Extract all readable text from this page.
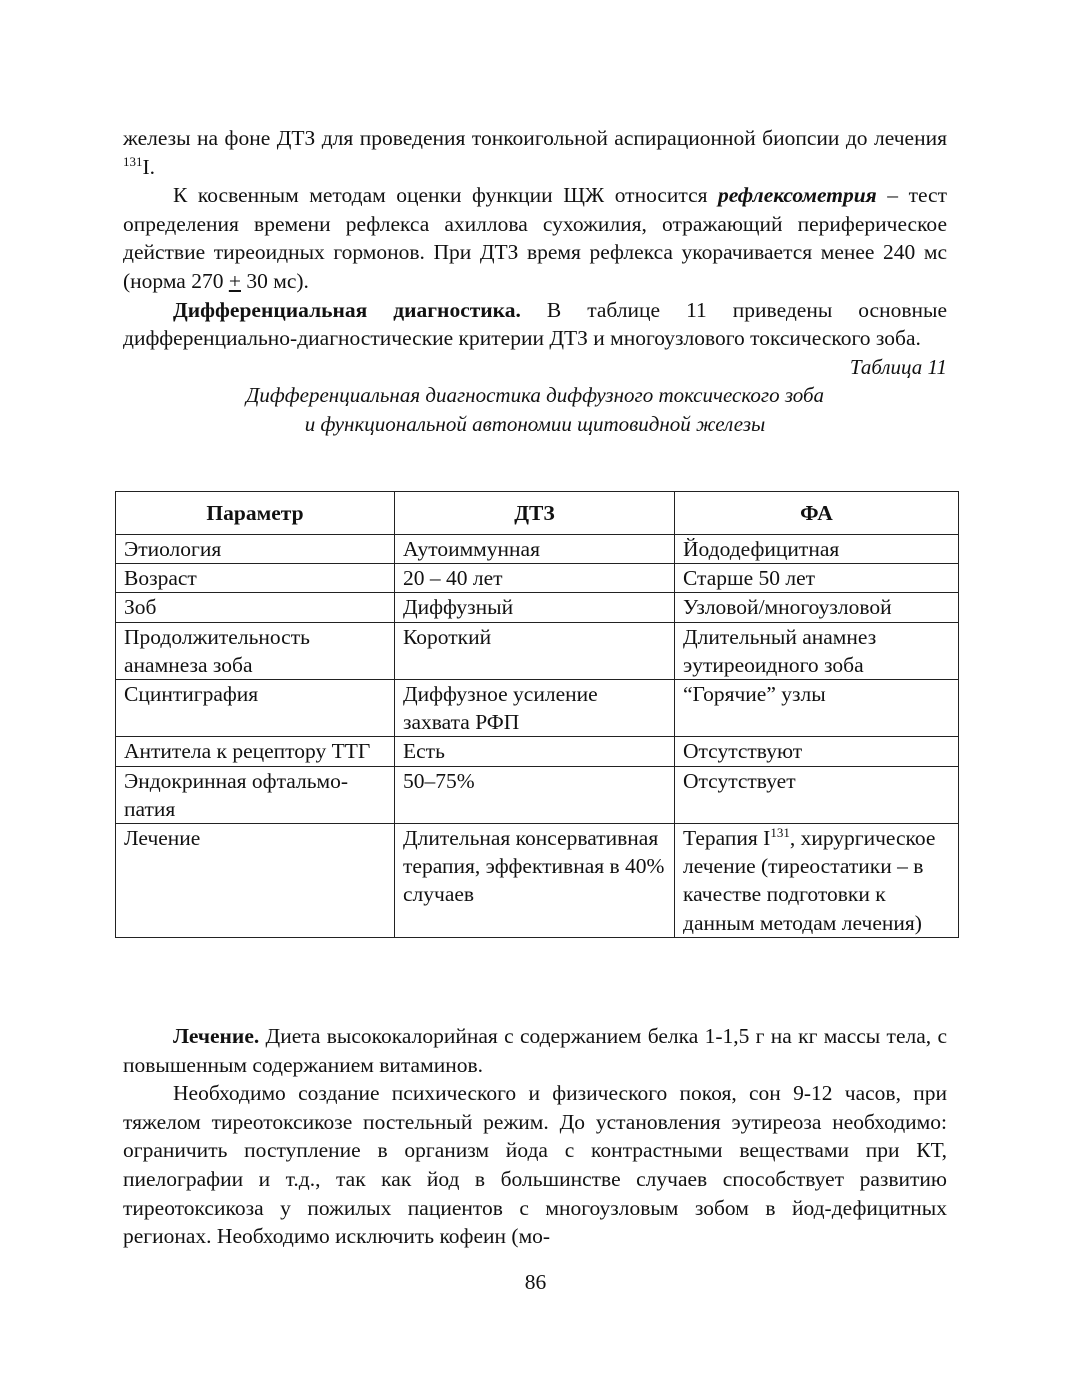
железы на фоне ДТЗ для проведения тонкоигольной аспирационной биопсии до лечения $^{131}$I.

К косвенным методам оценки функции ЩЖ относится рефлексометрия – тест определения времени рефлекса ахиллова сухожилия, отражающий периферическое действие тиреоидных гормонов. При ДТЗ время рефлекса укорачивается менее 240 мс (норма 270 + 30 мс).

Дифференциальная диагностика. В таблице 11 приведены основные дифференциально-диагностические критерии ДТЗ и многоузлового токсического зоба.

Таблица 11

Дифференциальная диагностика диффузного токсического зоба

и функциональной автономии щитовидной железы

Параметр	ДТЗ	ФА
Этиология	Аутоиммунная	Йододефицитная
Возраст	20 – 40 лет	Старше 50 лет
Зоб	Диффузный	Узловой/многоузловой
Продолжительность анамнеза зоба	Короткий	Длительный анамнез эутиреоидного зоба
Сцинтиграфия	Диффузное усиление захвата РФП	“Горячие” узлы
Антитела к рецептору ТТГ	Есть	Отсутствуют
Эндокринная офтальмо-патия	50–75%	Отсутствует
Лечение	Длительная консервативная терапия, эффективная в 40% случаев	Терапия $I^{131}$, хирургическое лечение (тиреостатики – в качестве подготовки к данным методам лечения)

Лечение. Диета высококалорийная с содержанием белка 1-1,5 г на кг массы тела, с повышенным содержанием витаминов.

Необходимо создание психического и физического покоя, сон 9-12 часов, при тяжелом тиреотоксикозе постельный режим. До установления эутиреоза необходимо: ограничить поступление в организм йода с контрастными веществами при КТ, пиелографии и т.д., так как йод в большинстве случаев способствует развитию тиреотоксикоза у пожилых пациентов с многоузловым зобом в йод-дефицитных регионах. Необходимо исключить кофеин (мо-

86
